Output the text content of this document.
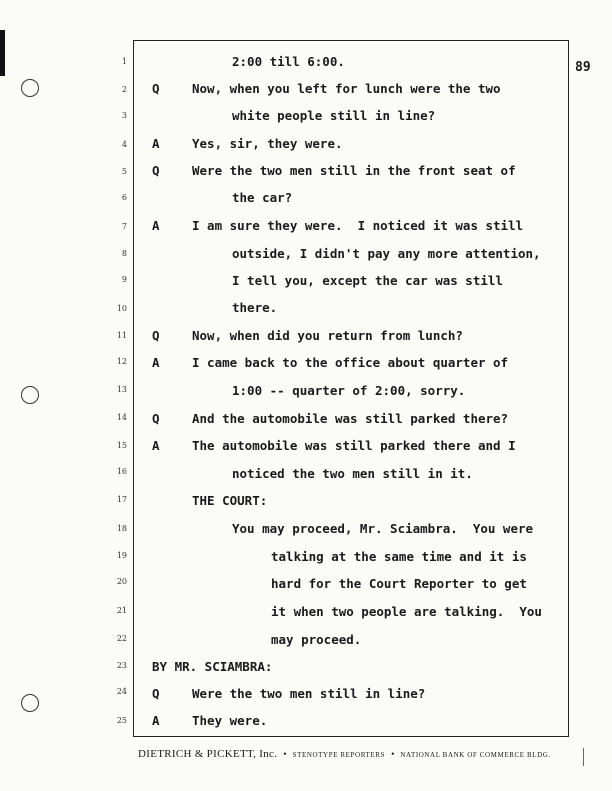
89
1
2
3
4
5
6
7
8
9
10
11
12
13
14
15
16
17
18
19
20
21
22
23
24
25
2:00 till 6:00.
Q	Now, when you left for lunch were the two
white people still in line?
A	Yes, sir, they were.
Q	Were the two men still in the front seat of
the car?
A	I am sure they were.  I noticed it was still
outside, I didn't pay any more attention,
I tell you, except the car was still
there.
Q	Now, when did you return from lunch?
A	I came back to the office about quarter of
1:00 -- quarter of 2:00, sorry.
Q	And the automobile was still parked there?
A	The automobile was still parked there and I
noticed the two men still in it.
THE COURT:
You may proceed, Mr. Sciambra.  You were
talking at the same time and it is
hard for the Court Reporter to get
it when two people are talking.  You
may proceed.
BY MR. SCIAMBRA:
Q	Were the two men still in line?
A	They were.
DIETRICH & PICKETT, Inc. • STENOTYPE REPORTERS • NATIONAL BANK OF COMMERCE BLDG.
